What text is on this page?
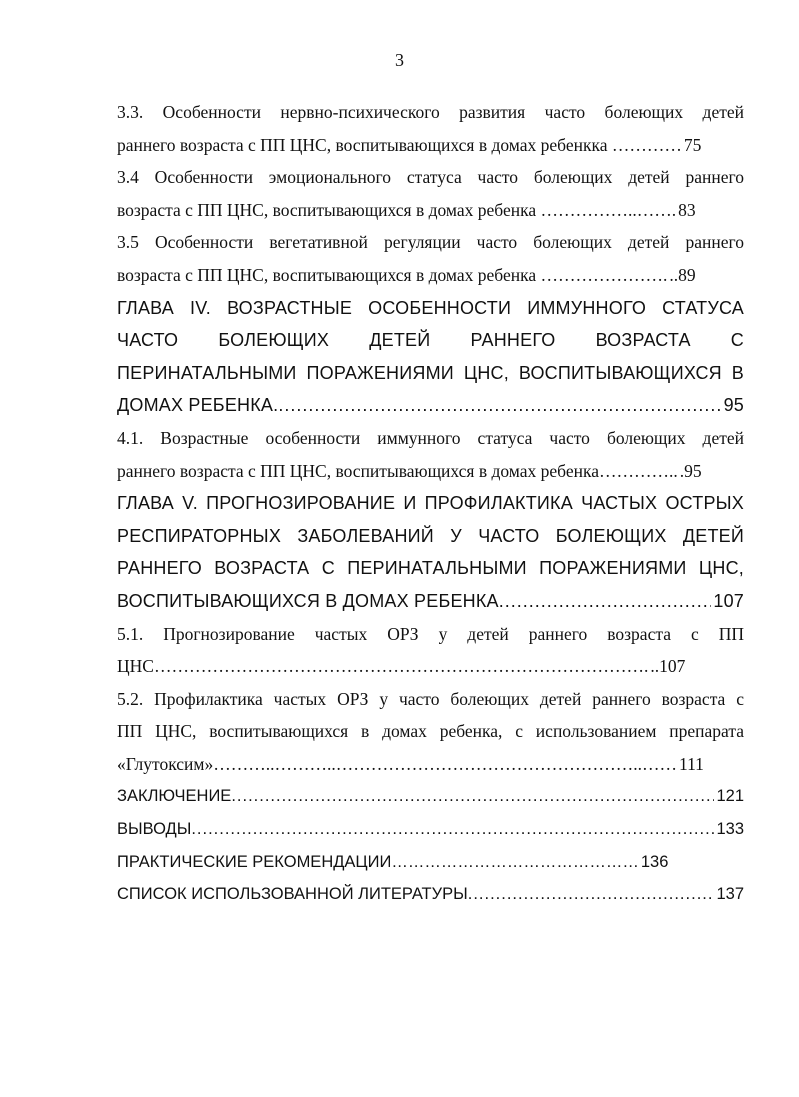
3
3.3. Особенности нервно-психического развития часто болеющих детей
раннего возраста с ПП ЦНС, воспитывающихся в домах ребенкка ………… 75
3.4 Особенности эмоционального статуса часто болеющих детей раннего
возраста с ПП ЦНС, воспитывающихся в домах ребенка ……………..……. 83
3.5 Особенности вегетативной регуляции часто болеющих детей раннего
возраста с ПП ЦНС, воспитывающихся в домах ребенка …………………. ..89
ГЛАВА IV. ВОЗРАСТНЫЕ ОСОБЕННОСТИ ИММУННОГО СТАТУСА
ЧАСТО БОЛЕЮЩИХ ДЕТЕЙ РАННЕГО ВОЗРАСТА С
ПЕРИНАТАЛЬНЫМИ ПОРАЖЕНИЯМИ ЦНС, ВОСПИТЫВАЮЩИХСЯ В
ДОМАХ РЕБЕНКА. .....	95
4.1. Возрастные особенности иммунного статуса часто болеющих детей
раннего возраста с ПП ЦНС, воспитывающихся в домах ребенка………….. .95
ГЛАВА V. ПРОГНОЗИРОВАНИЕ И ПРОФИЛАКТИКА ЧАСТЫХ ОСТРЫХ
РЕСПИРАТОРНЫХ ЗАБОЛЕВАНИЙ У ЧАСТО БОЛЕЮЩИХ ДЕТЕЙ
РАННЕГО ВОЗРАСТА С ПЕРИНАТАЛЬНЫМИ ПОРАЖЕНИЯМИ ЦНС,
ВОСПИТЫВАЮЩИХСЯ В ДОМАХ РЕБЕНКА .....	107
5.1. Прогнозирование частых ОРЗ у детей раннего возраста с ПП
ЦНС…………………………………………………………………………. ..107
5.2. Профилактика частых ОРЗ у часто болеющих детей раннего возраста с
ПП ЦНС, воспитывающихся в домах ребенка, с использованием препарата
«Глутоксим»………..………..……………………………………………..…… 111
ЗАКЛЮЧЕНИЕ .....	121
ВЫВОДЫ .....	133
ПРАКТИЧЕСКИЕ РЕКОМЕНДАЦИИ……………………………………… 136
СПИСОК ИСПОЛЬЗОВАННОЙ ЛИТЕРАТУРЫ .....	137
